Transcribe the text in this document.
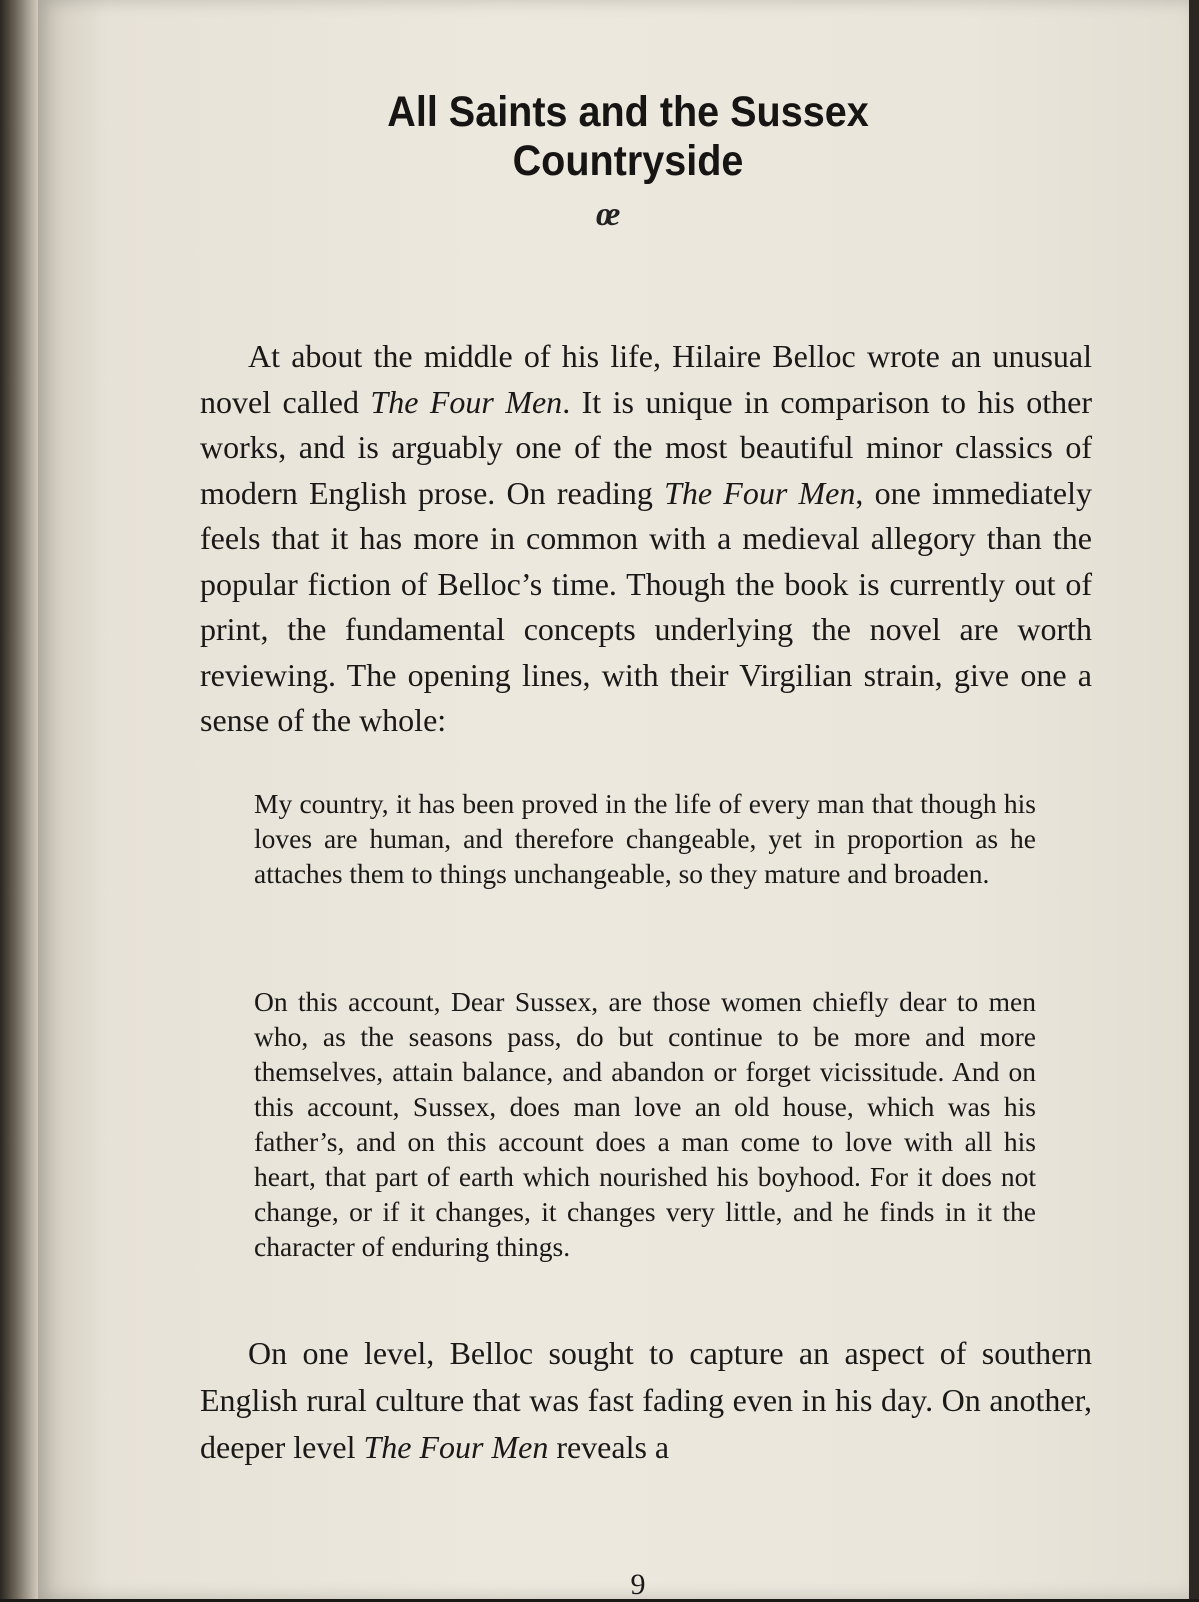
All Saints and the Sussex Countryside
œ

At about the middle of his life, Hilaire Belloc wrote an unusual novel called The Four Men. It is unique in comparison to his other works, and is arguably one of the most beautiful minor classics of modern English prose. On reading The Four Men, one immediately feels that it has more in common with a medieval allegory than the popular fiction of Belloc’s time. Though the book is currently out of print, the fundamental concepts underlying the novel are worth reviewing. The opening lines, with their Virgilian strain, give one a sense of the whole:

My country, it has been proved in the life of every man that though his loves are human, and therefore changeable, yet in proportion as he attaches them to things unchangeable, so they mature and broaden.

On this account, Dear Sussex, are those women chiefly dear to men who, as the seasons pass, do but continue to be more and more themselves, attain balance, and abandon or forget vicissitude. And on this account, Sussex, does man love an old house, which was his father’s, and on this account does a man come to love with all his heart, that part of earth which nourished his boyhood. For it does not change, or if it changes, it changes very little, and he finds in it the character of enduring things.

On one level, Belloc sought to capture an aspect of southern English rural culture that was fast fading even in his day. On another, deeper level The Four Men reveals a

9
